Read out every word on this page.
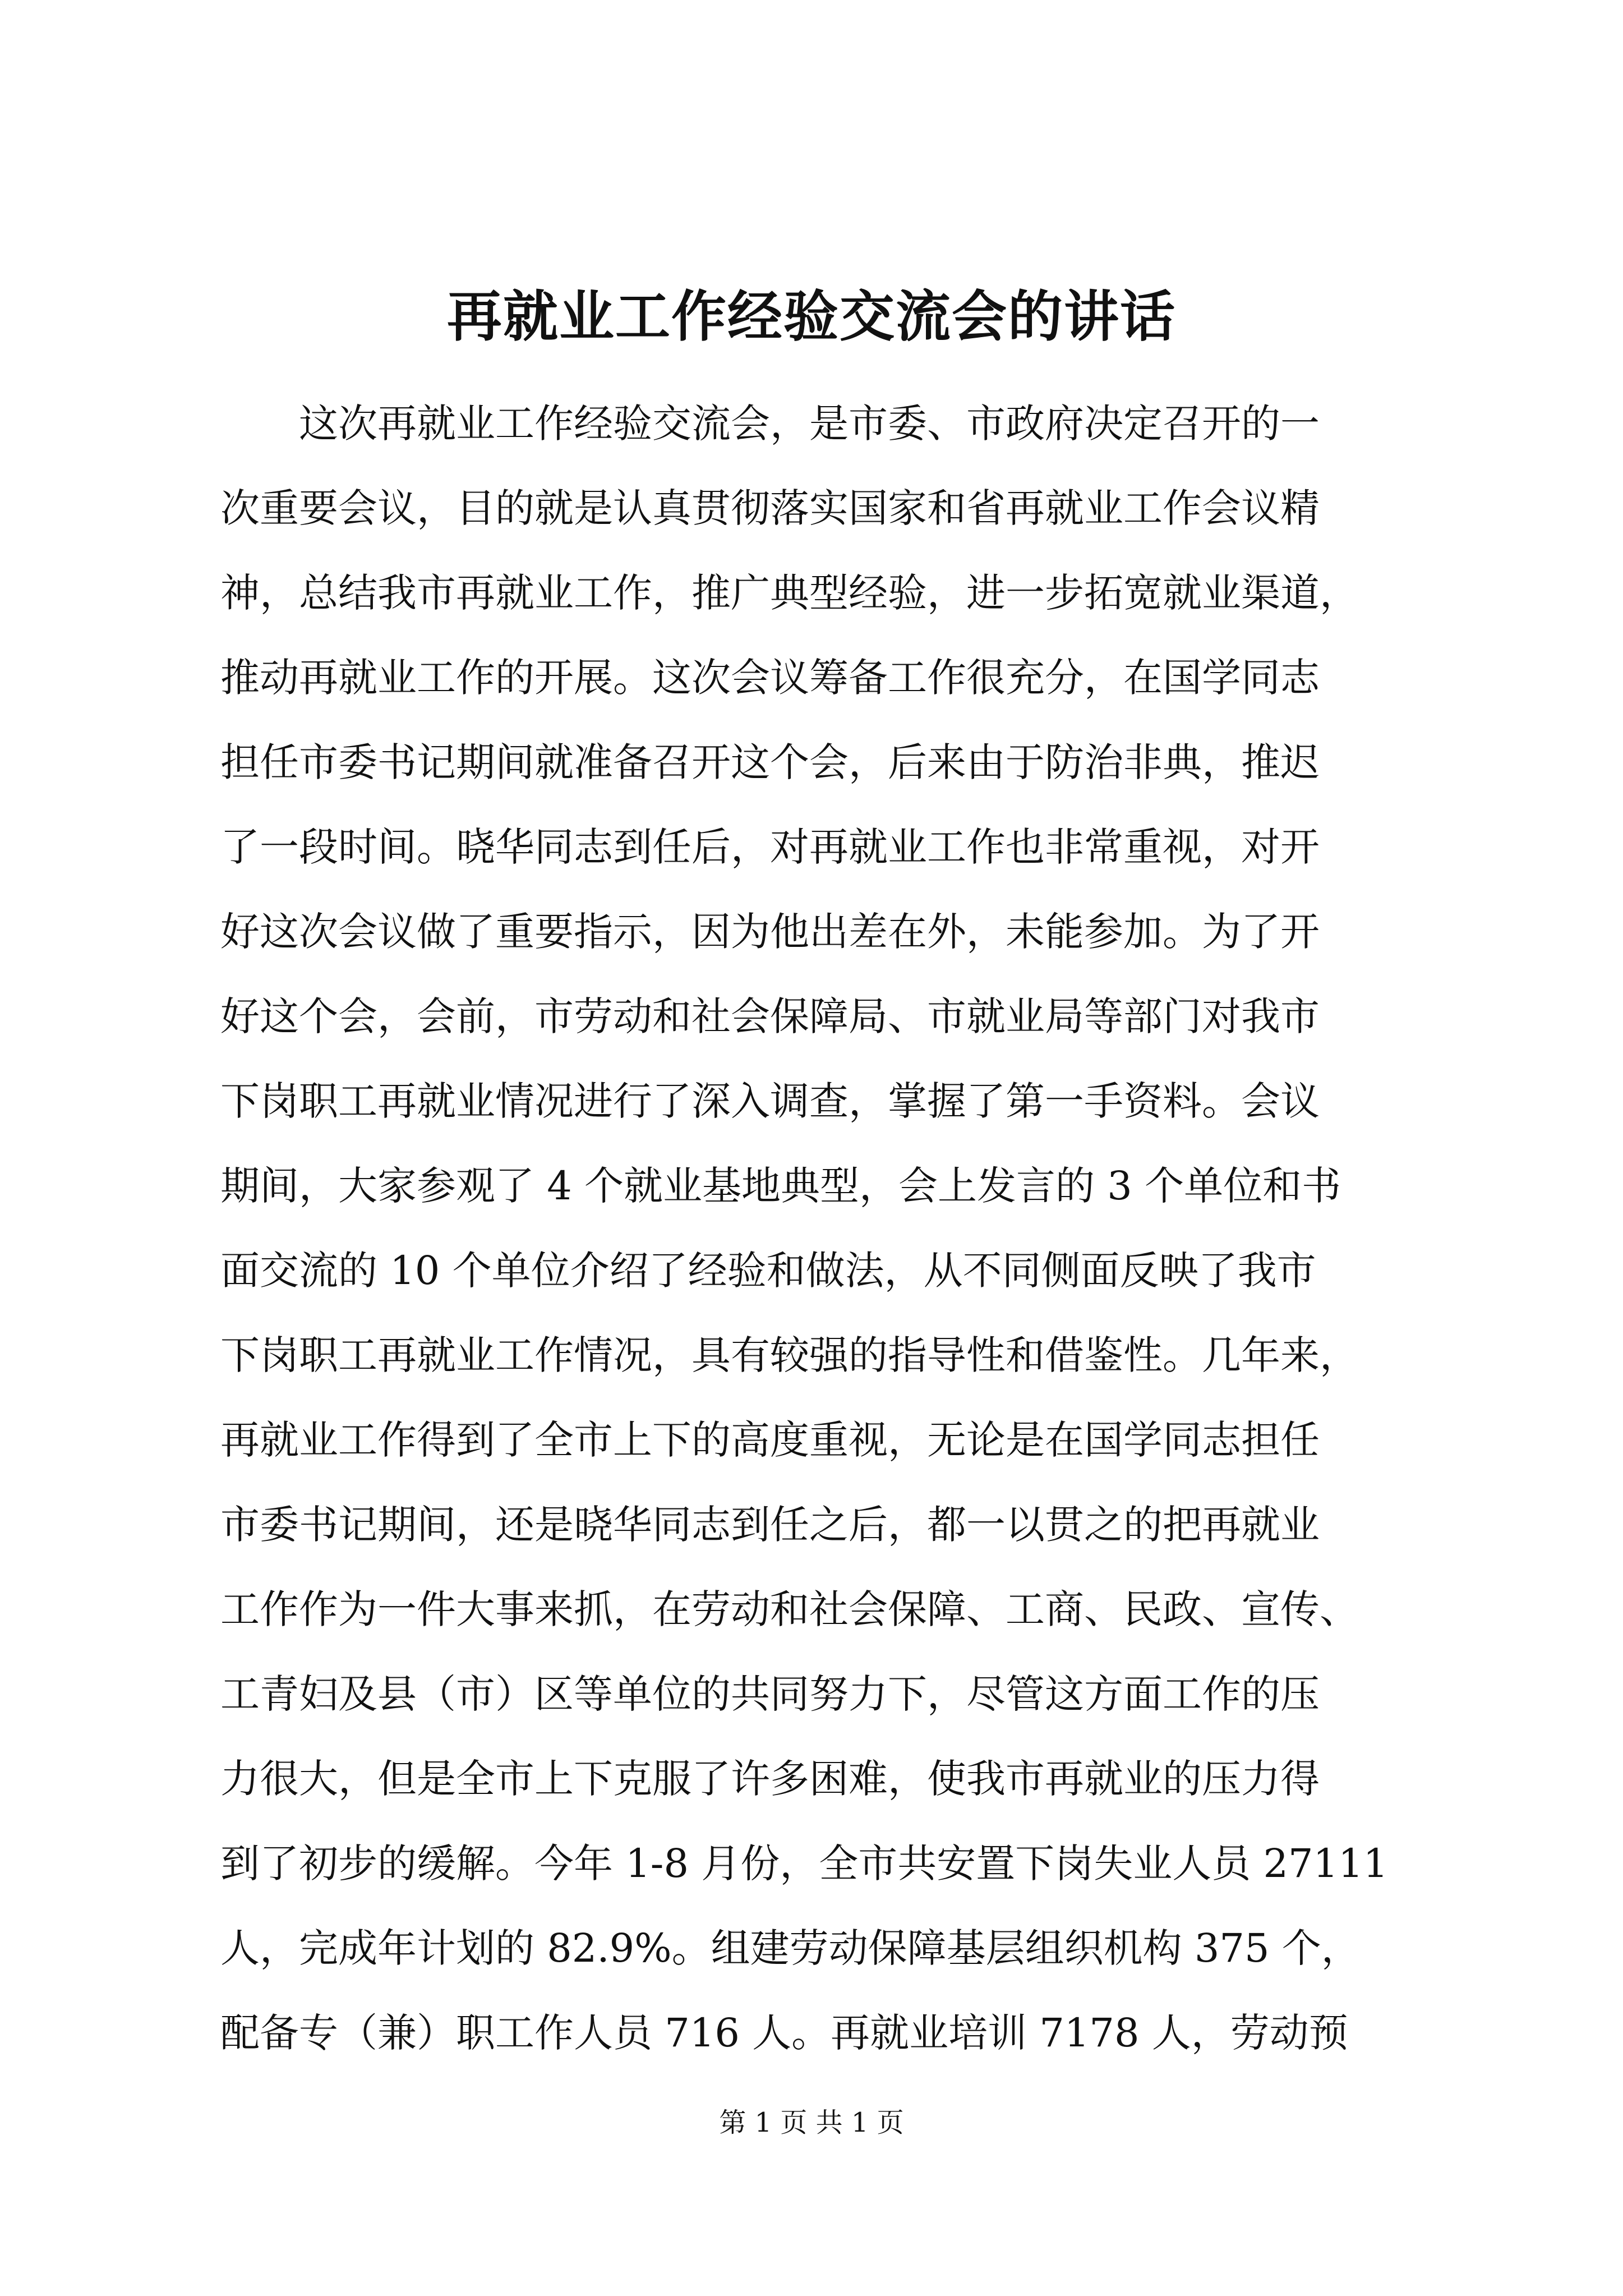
再就业工作经验交流会的讲话
这次再就业工作经验交流会，是市委、市政府决定召开的一
次重要会议，目的就是认真贯彻落实国家和省再就业工作会议精
神，总结我市再就业工作，推广典型经验，进一步拓宽就业渠道，
推动再就业工作的开展。这次会议筹备工作很充分，在国学同志
担任市委书记期间就准备召开这个会，后来由于防治非典，推迟
了一段时间。晓华同志到任后，对再就业工作也非常重视，对开
好这次会议做了重要指示，因为他出差在外，未能参加。为了开
好这个会，会前，市劳动和社会保障局、市就业局等部门对我市
下岗职工再就业情况进行了深入调查，掌握了第一手资料。会议
期间，大家参观了 4 个就业基地典型，会上发言的 3 个单位和书
面交流的 10 个单位介绍了经验和做法，从不同侧面反映了我市
下岗职工再就业工作情况，具有较强的指导性和借鉴性。几年来，
再就业工作得到了全市上下的高度重视，无论是在国学同志担任
市委书记期间，还是晓华同志到任之后，都一以贯之的把再就业
工作作为一件大事来抓，在劳动和社会保障、工商、民政、宣传、
工青妇及县（市）区等单位的共同努力下，尽管这方面工作的压
力很大，但是全市上下克服了许多困难，使我市再就业的压力得
到了初步的缓解。今年 1-8 月份，全市共安置下岗失业人员 27111
人，完成年计划的 82.9%。组建劳动保障基层组织机构 375 个，
配备专（兼）职工作人员 716 人。再就业培训 7178 人，劳动预
第 1 页 共 1 页
